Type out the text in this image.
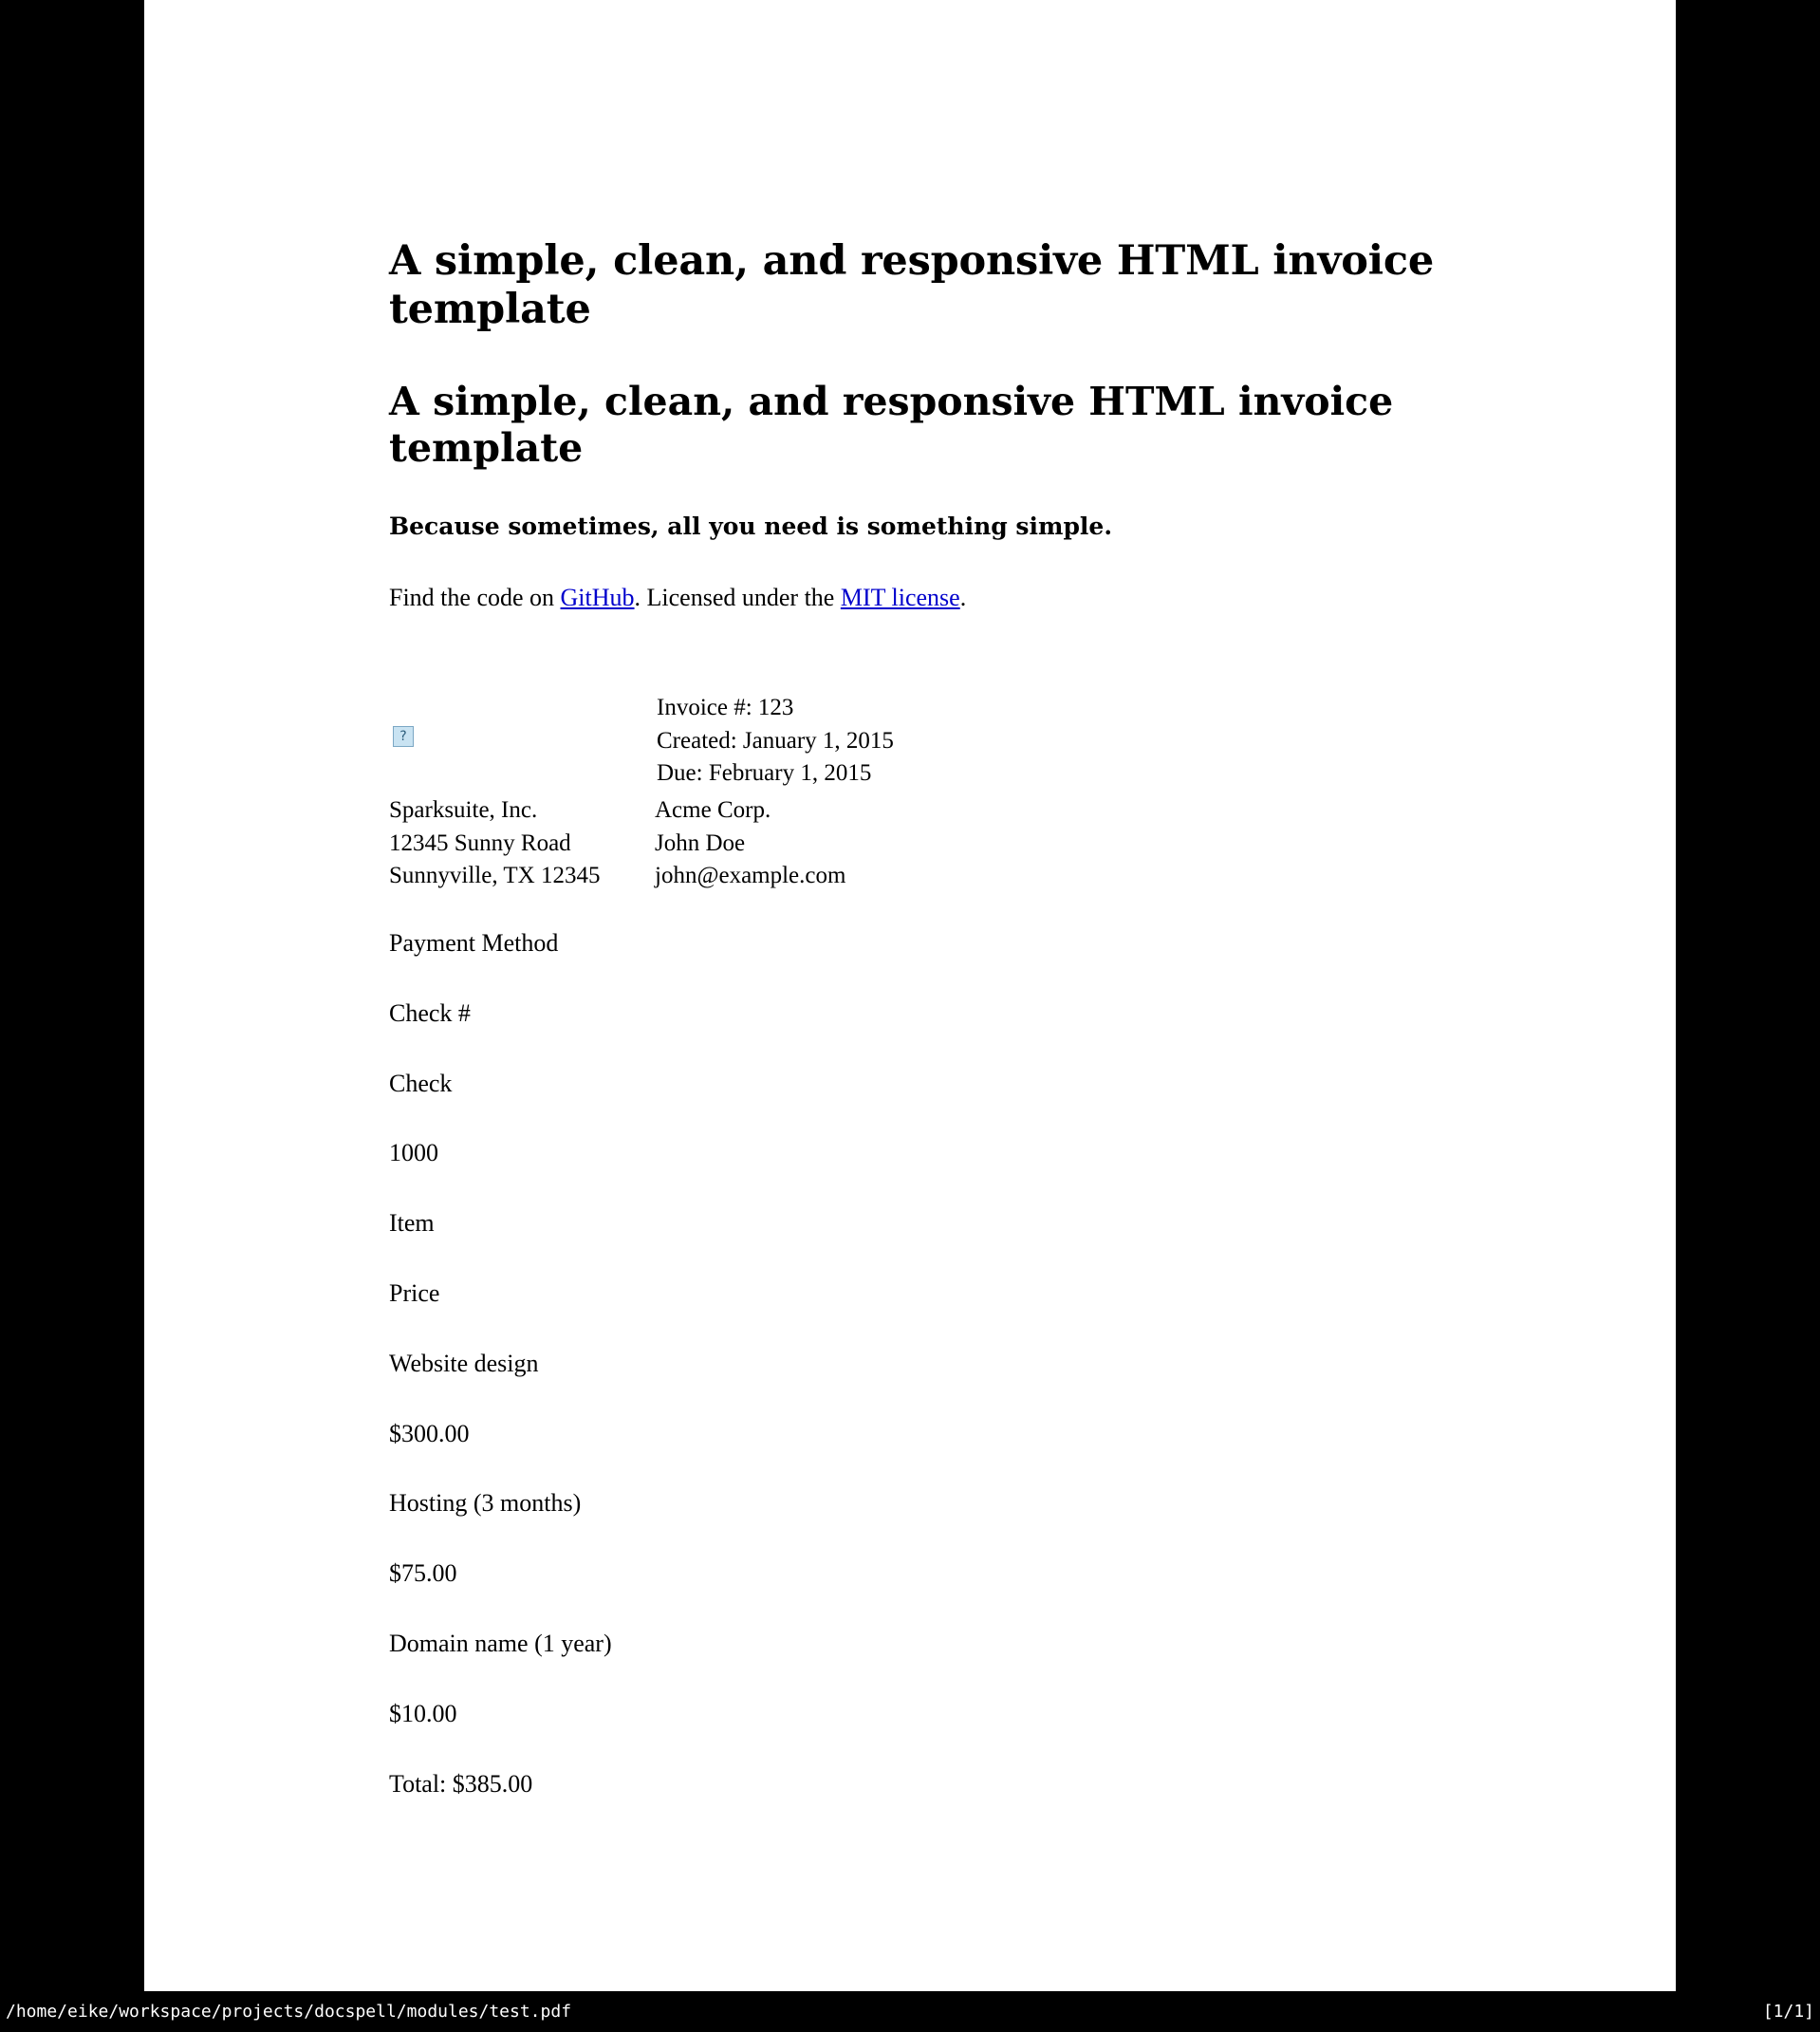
A simple, clean, and responsive HTML invoice template
A simple, clean, and responsive HTML invoice template

Because sometimes, all you need is something simple.

Find the code on GitHub. Licensed under the MIT license.

?
Invoice #: 123
Created: January 1, 2015
Due: February 1, 2015
Sparksuite, Inc.
12345 Sunny Road
Sunnyville, TX 12345
Acme Corp.
John Doe
john@example.com

Payment Method

Check #

Check

1000

Item

Price

Website design

$300.00

Hosting (3 months)

$75.00

Domain name (1 year)

$10.00

Total: $385.00

/home/eike/workspace/projects/docspell/modules/test.pdf	[1/1]
